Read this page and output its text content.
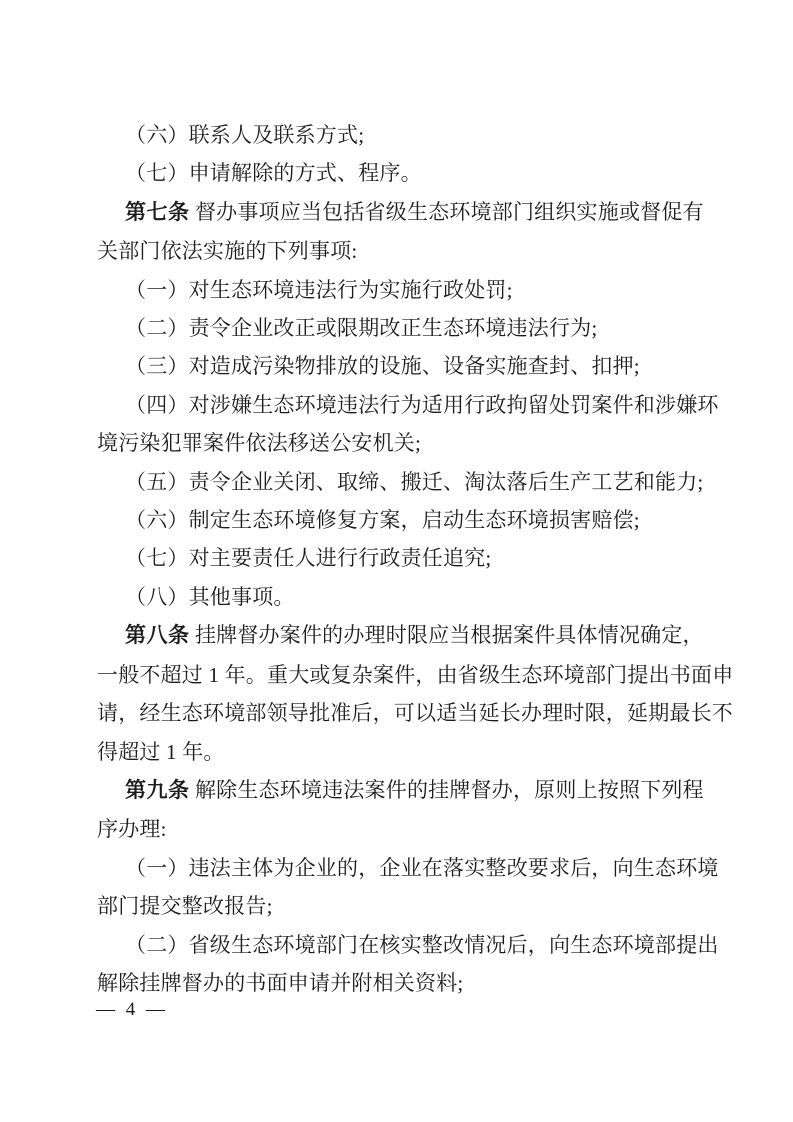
（六）联系人及联系方式;
（七）申请解除的方式、程序。
第七条 督办事项应当包括省级生态环境部门组织实施或督促有
关部门依法实施的下列事项:
（一）对生态环境违法行为实施行政处罚;
（二）责令企业改正或限期改正生态环境违法行为;
（三）对造成污染物排放的设施、设备实施查封、扣押;
（四）对涉嫌生态环境违法行为适用行政拘留处罚案件和涉嫌环
境污染犯罪案件依法移送公安机关;
（五）责令企业关闭、取缔、搬迁、淘汰落后生产工艺和能力;
（六）制定生态环境修复方案，启动生态环境损害赔偿;
（七）对主要责任人进行行政责任追究;
（八）其他事项。
第八条 挂牌督办案件的办理时限应当根据案件具体情况确定，
一般不超过 1 年。重大或复杂案件，由省级生态环境部门提出书面申
请，经生态环境部领导批准后，可以适当延长办理时限，延期最长不
得超过 1 年。
第九条 解除生态环境违法案件的挂牌督办，原则上按照下列程
序办理:
（一）违法主体为企业的，企业在落实整改要求后，向生态环境
部门提交整改报告;
（二）省级生态环境部门在核实整改情况后，向生态环境部提出
解除挂牌督办的书面申请并附相关资料;
— 4 —
